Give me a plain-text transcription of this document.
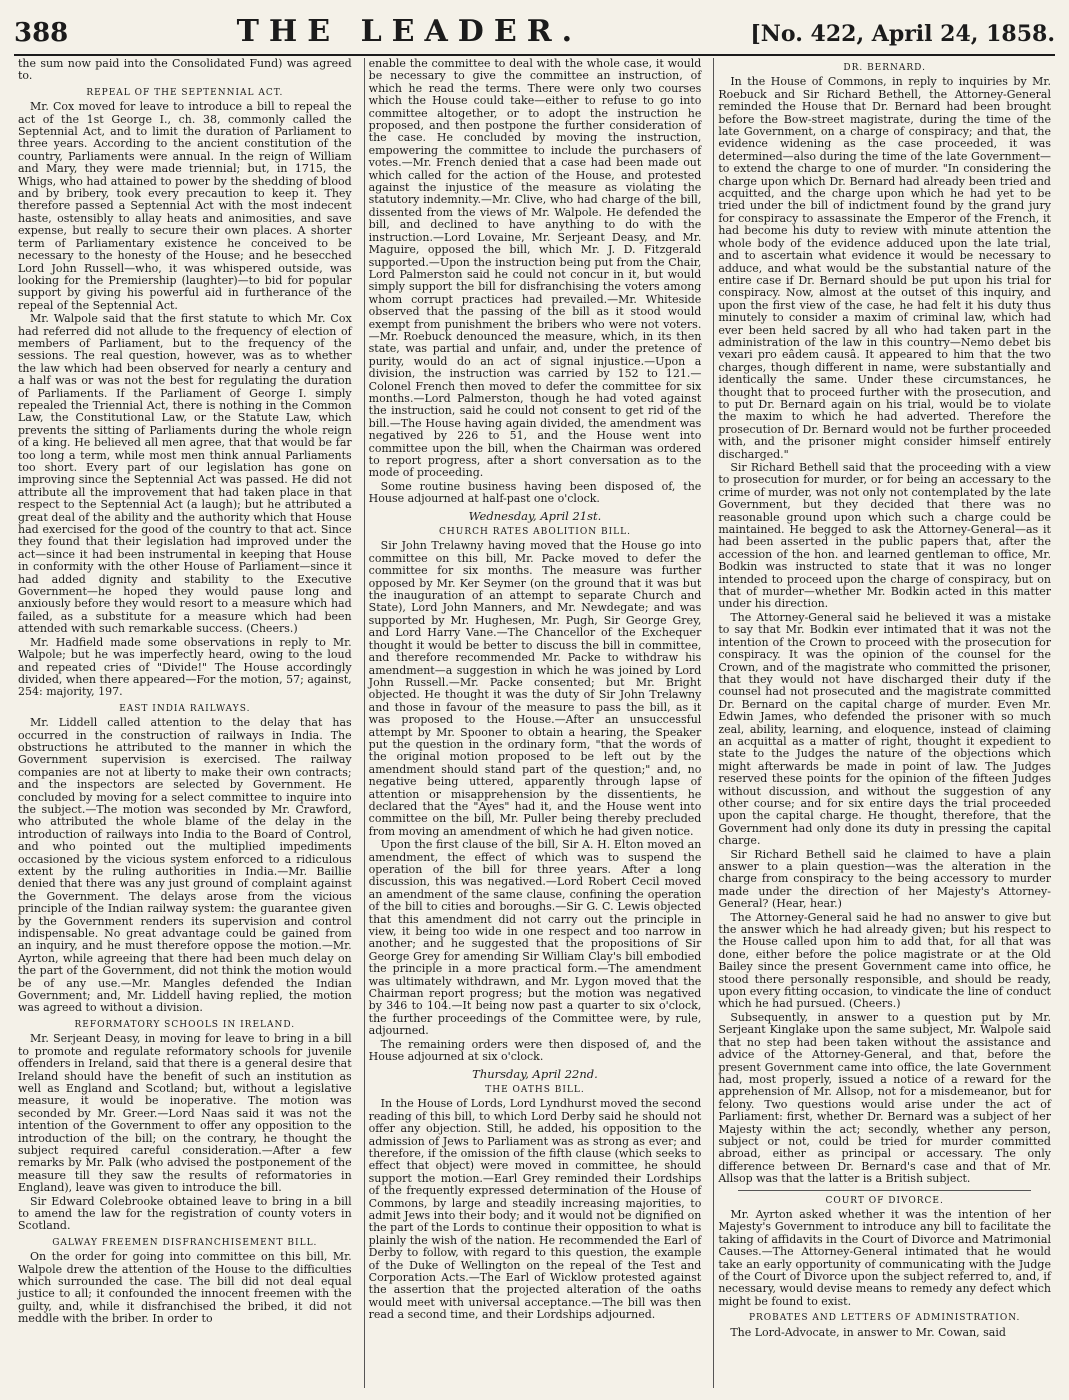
388	THE LEADER.	[No. 422, April 24, 1858.

the sum now paid into the Consolidated Fund) was agreed to.

REPEAL OF THE SEPTENNIAL ACT.

Mr. Cox moved for leave to introduce a bill to repeal the act of the 1st George I., ch. 38, commonly called the Septennial Act, and to limit the duration of Parliament to three years. According to the ancient constitution of the country, Parliaments were annual. In the reign of William and Mary, they were made triennial; but, in 1715, the Whigs, who had attained to power by the shedding of blood and by bribery, took every precaution to keep it. They therefore passed a Septennial Act with the most indecent haste, ostensibly to allay heats and animosities, and save expense, but really to secure their own places. A shorter term of Parliamentary existence he conceived to be necessary to the honesty of the House; and he besecched Lord John Russell—who, it was whispered outside, was looking for the Premiership (laughter)—to bid for popular support by giving his powerful aid in furtherance of the repeal of the Septennial Act.

Mr. Walpole said that the first statute to which Mr. Cox had referred did not allude to the frequency of election of members of Parliament, but to the frequency of the sessions. The real question, however, was as to whether the law which had been observed for nearly a century and a half was or was not the best for regulating the duration of Parliaments. If the Parliament of George I. simply repealed the Triennial Act, there is nothing in the Common Law, the Constitutional Law, or the Statute Law, which prevents the sitting of Parliaments during the whole reign of a king. He believed all men agree, that that would be far too long a term, while most men think annual Parliaments too short. Every part of our legislation has gone on improving since the Septennial Act was passed. He did not attribute all the improvement that had taken place in that respect to the Septennial Act (a laugh); but he attributed a great deal of the ability and the authority which that House had exercised for the good of the country to that act. Since they found that their legislation had improved under the act—since it had been instrumental in keeping that House in conformity with the other House of Parliament—since it had added dignity and stability to the Executive Government—he hoped they would pause long and anxiously before they would resort to a measure which had failed, as a substitute for a measure which had been attended with such remarkable success. (Cheers.)

Mr. Hadfield made some observations in reply to Mr. Walpole; but he was imperfectly heard, owing to the loud and repeated cries of "Divide!" The House accordingly divided, when there appeared—For the motion, 57; against, 254: majority, 197.

EAST INDIA RAILWAYS.

Mr. Liddell called attention to the delay that has occurred in the construction of railways in India. The obstructions he attributed to the manner in which the Government supervision is exercised. The railway companies are not at liberty to make their own contracts; and the inspectors are selected by Government. He concluded by moving for a select committee to inquire into the subject.—The motion was seconded by Mr. Crawford, who attributed the whole blame of the delay in the introduction of railways into India to the Board of Control, and who pointed out the multiplied impediments occasioned by the vicious system enforced to a ridiculous extent by the ruling authorities in India.—Mr. Baillie denied that there was any just ground of complaint against the Government. The delays arose from the vicious principle of the Indian railway system: the guarantee given by the Government renders its supervision and control indispensable. No great advantage could be gained from an inquiry, and he must therefore oppose the motion.—Mr. Ayrton, while agreeing that there had been much delay on the part of the Government, did not think the motion would be of any use.—Mr. Mangles defended the Indian Government; and, Mr. Liddell having replied, the motion was agreed to without a division.

REFORMATORY SCHOOLS IN IRELAND.

Mr. Serjeant Deasy, in moving for leave to bring in a bill to promote and regulate reformatory schools for juvenile offenders in Ireland, said that there is a general desire that Ireland should have the benefit of such an institution as well as England and Scotland; but, without a legislative measure, it would be inoperative. The motion was seconded by Mr. Greer.—Lord Naas said it was not the intention of the Government to offer any opposition to the introduction of the bill; on the contrary, he thought the subject required careful consideration.—After a few remarks by Mr. Palk (who advised the postponement of the measure till they saw the results of reformatories in England), leave was given to introduce the bill.

Sir Edward Colebrooke obtained leave to bring in a bill to amend the law for the registration of county voters in Scotland.

GALWAY FREEMEN DISFRANCHISEMENT BILL.

On the order for going into committee on this bill, Mr. Walpole drew the attention of the House to the difficulties which surrounded the case. The bill did not deal equal justice to all; it confounded the innocent freemen with the guilty, and, while it disfranchised the bribed, it did not meddle with the briber. In order to

enable the committee to deal with the whole case, it would be necessary to give the committee an instruction, of which he read the terms. There were only two courses which the House could take—either to refuse to go into committee altogether, or to adopt the instruction he proposed, and then postpone the further consideration of the case. He concluded by moving the instruction, empowering the committee to include the purchasers of votes.—Mr. French denied that a case had been made out which called for the action of the House, and protested against the injustice of the measure as violating the statutory indemnity.—Mr. Clive, who had charge of the bill, dissented from the views of Mr. Walpole. He defended the bill, and declined to have anything to do with the instruction.—Lord Lovaine, Mr. Serjeant Deasy, and Mr. Maguire, opposed the bill, which Mr. J. D. Fitzgerald supported.—Upon the instruction being put from the Chair, Lord Palmerston said he could not concur in it, but would simply support the bill for disfranchising the voters among whom corrupt practices had prevailed.—Mr. Whiteside observed that the passing of the bill as it stood would exempt from punishment the bribers who were not voters.—Mr. Roebuck denounced the measure, which, in its then state, was partial and unfair, and, under the pretence of purity, would do an act of signal injustice.—Upon a division, the instruction was carried by 152 to 121.—Colonel French then moved to defer the committee for six months.—Lord Palmerston, though he had voted against the instruction, said he could not consent to get rid of the bill.—The House having again divided, the amendment was negatived by 226 to 51, and the House went into committee upon the bill, when the Chairman was ordered to report progress, after a short conversation as to the mode of proceeding.

Some routine business having been disposed of, the House adjourned at half-past one o'clock.

Wednesday, April 21st.
CHURCH RATES ABOLITION BILL.

Sir John Trelawny having moved that the House go into committee on this bill, Mr. Packe moved to defer the committee for six months. The measure was further opposed by Mr. Ker Seymer (on the ground that it was but the inauguration of an attempt to separate Church and State), Lord John Manners, and Mr. Newdegate; and was supported by Mr. Hughesen, Mr. Pugh, Sir George Grey, and Lord Harry Vane.—The Chancellor of the Exchequer thought it would be better to discuss the bill in committee, and therefore recommended Mr. Packe to withdraw his amendment—a suggestion in which he was joined by Lord John Russell.—Mr. Packe consented; but Mr. Bright objected. He thought it was the duty of Sir John Trelawny and those in favour of the measure to pass the bill, as it was proposed to the House.—After an unsuccessful attempt by Mr. Spooner to obtain a hearing, the Speaker put the question in the ordinary form, "that the words of the original motion proposed to be left out by the amendment should stand part of the question;" and, no negative being uttered, apparently through lapse of attention or misapprehension by the dissentients, he declared that the "Ayes" had it, and the House went into committee on the bill, Mr. Puller being thereby precluded from moving an amendment of which he had given notice.

Upon the first clause of the bill, Sir A. H. Elton moved an amendment, the effect of which was to suspend the operation of the bill for three years. After a long discussion, this was negatived.—Lord Robert Cecil moved an amendment of the same clause, confining the operation of the bill to cities and boroughs.—Sir G. C. Lewis objected that this amendment did not carry out the principle in view, it being too wide in one respect and too narrow in another; and he suggested that the propositions of Sir George Grey for amending Sir William Clay's bill embodied the principle in a more practical form.—The amendment was ultimately withdrawn, and Mr. Lygon moved that the Chairman report progress; but the motion was negatived by 346 to 104.—It being now past a quarter to six o'clock, the further proceedings of the Committee were, by rule, adjourned.

The remaining orders were then disposed of, and the House adjourned at six o'clock.

Thursday, April 22nd.
THE OATHS BILL.

In the House of Lords, Lord Lyndhurst moved the second reading of this bill, to which Lord Derby said he should not offer any objection. Still, he added, his opposition to the admission of Jews to Parliament was as strong as ever; and therefore, if the omission of the fifth clause (which seeks to effect that object) were moved in committee, he should support the motion.—Earl Grey reminded their Lordships of the frequently expressed determination of the House of Commons, by large and steadily increasing majorities, to admit Jews into their body; and it would not be dignified on the part of the Lords to continue their opposition to what is plainly the wish of the nation. He recommended the Earl of Derby to follow, with regard to this question, the example of the Duke of Wellington on the repeal of the Test and Corporation Acts.—The Earl of Wicklow protested against the assertion that the projected alteration of the oaths would meet with universal acceptance.—The bill was then read a second time, and their Lordships adjourned.

DR. BERNARD.

In the House of Commons, in reply to inquiries by Mr. Roebuck and Sir Richard Bethell, the Attorney-General reminded the House that Dr. Bernard had been brought before the Bow-street magistrate, during the time of the late Government, on a charge of conspiracy; and that, the evidence widening as the case proceeded, it was determined—also during the time of the late Government—to extend the charge to one of murder. "In considering the charge upon which Dr. Bernard had already been tried and acquitted, and the charge upon which he had yet to be tried under the bill of indictment found by the grand jury for conspiracy to assassinate the Emperor of the French, it had become his duty to review with minute attention the whole body of the evidence adduced upon the late trial, and to ascertain what evidence it would be necessary to adduce, and what would be the substantial nature of the entire case if Dr. Bernard should be put upon his trial for conspiracy. Now, almost at the outset of this inquiry, and upon the first view of the case, he had felt it his duty thus minutely to consider a maxim of criminal law, which had ever been held sacred by all who had taken part in the administration of the law in this country—Nemo debet bis vexari pro eâdem causâ. It appeared to him that the two charges, though different in name, were substantially and identically the same. Under these circumstances, he thought that to proceed further with the prosecution, and to put Dr. Bernard again on his trial, would be to violate the maxim to which he had adverted. Therefore the prosecution of Dr. Bernard would not be further proceeded with, and the prisoner might consider himself entirely discharged."

Sir Richard Bethell said that the proceeding with a view to prosecution for murder, or for being an accessary to the crime of murder, was not only not contemplated by the late Government, but they decided that there was no reasonable ground upon which such a charge could be maintained. He begged to ask the Attorney-General—as it had been asserted in the public papers that, after the accession of the hon. and learned gentleman to office, Mr. Bodkin was instructed to state that it was no longer intended to proceed upon the charge of conspiracy, but on that of murder—whether Mr. Bodkin acted in this matter under his direction.

The Attorney-General said he believed it was a mistake to say that Mr. Bodkin ever intimated that it was not the intention of the Crown to proceed with the prosecution for conspiracy. It was the opinion of the counsel for the Crown, and of the magistrate who committed the prisoner, that they would not have discharged their duty if the counsel had not prosecuted and the magistrate committed Dr. Bernard on the capital charge of murder. Even Mr. Edwin James, who defended the prisoner with so much zeal, ability, learning, and eloquence, instead of claiming an acquittal as a matter of right, thought it expedient to state to the Judges the nature of the objections which might afterwards be made in point of law. The Judges reserved these points for the opinion of the fifteen Judges without discussion, and without the suggestion of any other course; and for six entire days the trial proceeded upon the capital charge. He thought, therefore, that the Government had only done its duty in pressing the capital charge.

Sir Richard Bethell said he claimed to have a plain answer to a plain question—was the alteration in the charge from conspiracy to the being accessory to murder made under the direction of her Majesty's Attorney-General? (Hear, hear.)

The Attorney-General said he had no answer to give but the answer which he had already given; but his respect to the House called upon him to add that, for all that was done, either before the police magistrate or at the Old Bailey since the present Government came into office, he stood there personally responsible, and should be ready, upon every fitting occasion, to vindicate the line of conduct which he had pursued. (Cheers.)

Subsequently, in answer to a question put by Mr. Serjeant Kinglake upon the same subject, Mr. Walpole said that no step had been taken without the assistance and advice of the Attorney-General, and that, before the present Government came into office, the late Government had, most properly, issued a notice of a reward for the apprehension of Mr. Allsop, not for a misdemeanor, but for felony. Two questions would arise under the act of Parliament: first, whether Dr. Bernard was a subject of her Majesty within the act; secondly, whether any person, subject or not, could be tried for murder committed abroad, either as principal or accessary. The only difference between Dr. Bernard's case and that of Mr. Allsop was that the latter is a British subject.

COURT OF DIVORCE.

Mr. Ayrton asked whether it was the intention of her Majesty's Government to introduce any bill to facilitate the taking of affidavits in the Court of Divorce and Matrimonial Causes.—The Attorney-General intimated that he would take an early opportunity of communicating with the Judge of the Court of Divorce upon the subject referred to, and, if necessary, would devise means to remedy any defect which might be found to exist.

PROBATES AND LETTERS OF ADMINISTRATION.

The Lord-Advocate, in answer to Mr. Cowan, said
